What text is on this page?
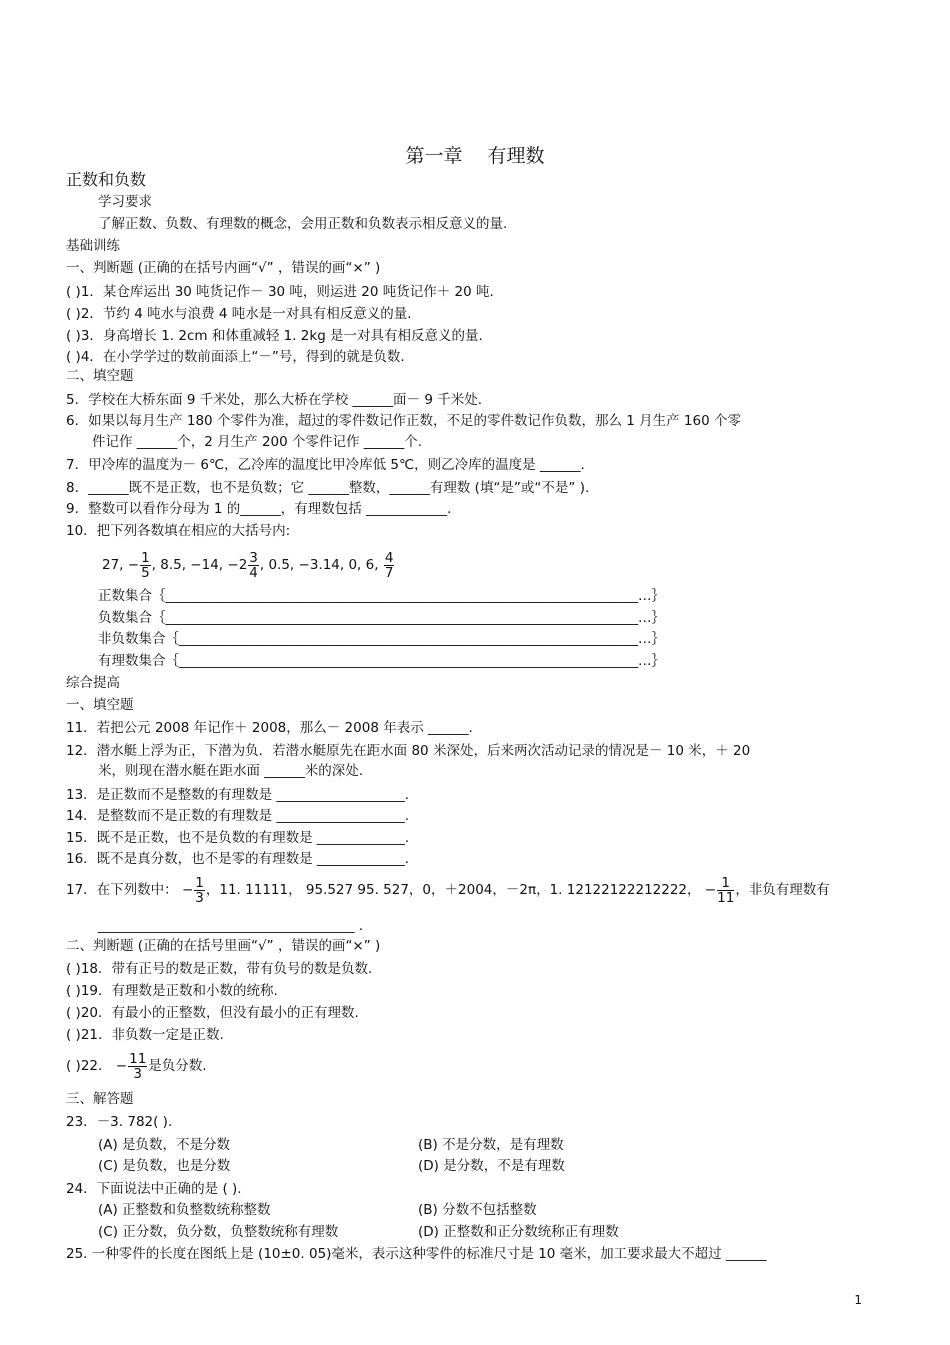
第一章　 有理数
正数和负数
学习要求
了解正数、负数、有理数的概念，会用正数和负数表示相反意义的量.
基础训练
一、判断题 (正确的在括号内画“√” ，错误的画“×” )
( )1．某仓库运出 30 吨货记作－ 30 吨，则运进 20 吨货记作＋ 20 吨.
( )2．节约 4 吨水与浪费 4 吨水是一对具有相反意义的量.
( )3．身高增长 1. 2cm 和体重减轻 1. 2kg 是一对具有相反意义的量.
( )4．在小学学过的数前面添上“－”号，得到的就是负数.
二、填空题
5．学校在大桥东面 9 千米处，那么大桥在学校 ______面－ 9 千米处.
6．如果以每月生产 180 个零件为准，超过的零件数记作正数，不足的零件数记作负数，那么 1 月生产 160 个零
件记作 ______个，2 月生产 200 个零件记作 ______个.
7．甲冷库的温度为－ 6℃，乙冷库的温度比甲冷库低 5℃，则乙冷库的温度是 ______.
8．______既不是正数，也不是负数；它 ______整数，______有理数 (填“是”或“不是” ).
9．整数可以看作分母为 1 的______，有理数包括 ____________.
10．把下列各数填在相应的大括号内:
27, − $\frac{1}{5}$ , 8.5, −14, $-2 \frac{3}{4}$ , 0.5̇, −3.14, 0, 6, $\frac{4}{7}$
正数集合｛______________________________________________________________________…｝
负数集合｛______________________________________________________________________…｝
非负数集合｛____________________________________________________________________…｝
有理数集合｛____________________________________________________________________…｝
综合提高
一、填空题
11．若把公元 2008 年记作＋ 2008，那么－ 2008 年表示 ______.
12．潜水艇上浮为正，下潜为负．若潜水艇原先在距水面 80 米深处，后来两次活动记录的情况是－ 10 米，＋ 20
米，则现在潜水艇在距水面 ______米的深处.
13．是正数而不是整数的有理数是 ___________________.
14．是整数而不是正数的有理数是 ___________________.
15．既不是正数，也不是负数的有理数是 _____________.
16．既不是真分数，也不是零的有理数是 _____________.
17．在下列数中： − $\frac{1}{3}$ ，11. 11111， 95.527 95. 527，0，＋2004，－2π，1. 12122122212222， − $\frac{1}{11}$ ，非负有理数有
______________________________________ .
二、判断题 (正确的在括号里画“√” ，错误的画“×” )
( )18．带有正号的数是正数，带有负号的数是负数.
( )19．有理数是正数和小数的统称.
( )20．有最小的正整数，但没有最小的正有理数.
( )21．非负数一定是正数.
( )22． − $\frac{11}{3}$ 是负分数.
三、解答题
23．－3. 782( ).
(A) 是负数，不是分数	(B) 不是分数，是有理数
(C) 是负数，也是分数	(D) 是分数，不是有理数
24．下面说法中正确的是 ( ).
(A) 正整数和负整数统称整数	(B) 分数不包括整数
(C) 正分数，负分数，负整数统称有理数	(D) 正整数和正分数统称正有理数
25. 一种零件的长度在图纸上是 (10±0. 05)毫米，表示这种零件的标准尺寸是 10 毫米，加工要求最大不超过 ______
1
